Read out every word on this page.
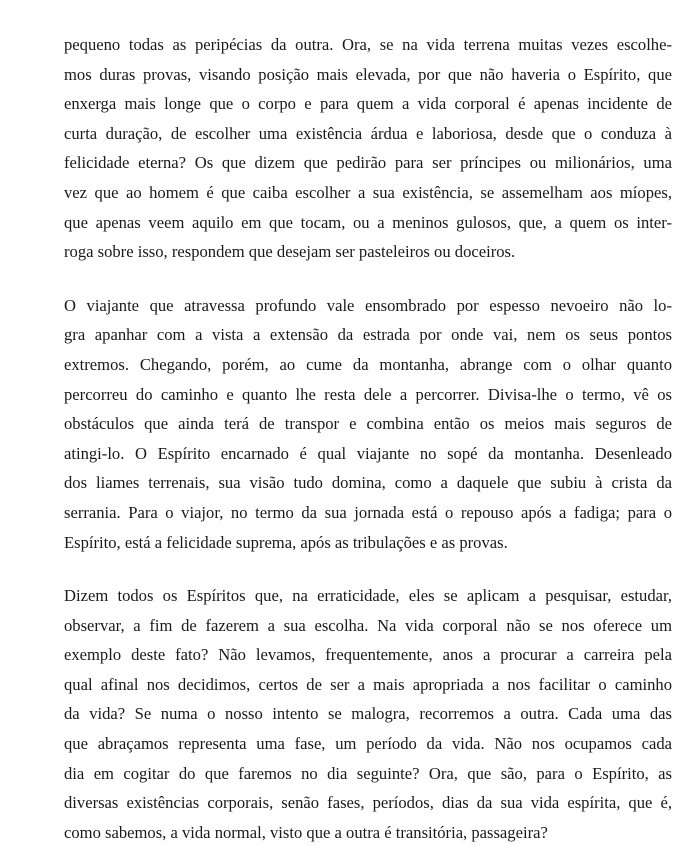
pequeno todas as peripécias da outra. Ora, se na vida terrena muitas vezes escolhe-
mos duras provas, visando posição mais elevada, por que não haveria o Espírito, que
enxerga mais longe que o corpo e para quem a vida corporal é apenas incidente de
curta duração, de escolher uma existência árdua e laboriosa, desde que o conduza à
felicidade eterna? Os que dizem que pedirão para ser príncipes ou milionários, uma
vez que ao homem é que caiba escolher a sua existência, se assemelham aos míopes,
que apenas veem aquilo em que tocam, ou a meninos gulosos, que, a quem os inter-
roga sobre isso, respondem que desejam ser pasteleiros ou doceiros.

O viajante que atravessa profundo vale ensombrado por espesso nevoeiro não lo-
gra apanhar com a vista a extensão da estrada por onde vai, nem os seus pontos
extremos. Chegando, porém, ao cume da montanha, abrange com o olhar quanto
percorreu do caminho e quanto lhe resta dele a percorrer. Divisa-lhe o termo, vê os
obstáculos que ainda terá de transpor e combina então os meios mais seguros de
atingi-lo. O Espírito encarnado é qual viajante no sopé da montanha. Desenleado
dos liames terrenais, sua visão tudo domina, como a daquele que subiu à crista da
serrania. Para o viajor, no termo da sua jornada está o repouso após a fadiga; para o
Espírito, está a felicidade suprema, após as tribulações e as provas.

Dizem todos os Espíritos que, na erraticidade, eles se aplicam a pesquisar, estudar,
observar, a fim de fazerem a sua escolha. Na vida corporal não se nos oferece um
exemplo deste fato? Não levamos, frequentemente, anos a procurar a carreira pela
qual afinal nos decidimos, certos de ser a mais apropriada a nos facilitar o caminho
da vida? Se numa o nosso intento se malogra, recorremos a outra. Cada uma das
que abraçamos representa uma fase, um período da vida. Não nos ocupamos cada
dia em cogitar do que faremos no dia seguinte? Ora, que são, para o Espírito, as
diversas existências corporais, senão fases, períodos, dias da sua vida espírita, que é,
como sabemos, a vida normal, visto que a outra é transitória, passageira?
